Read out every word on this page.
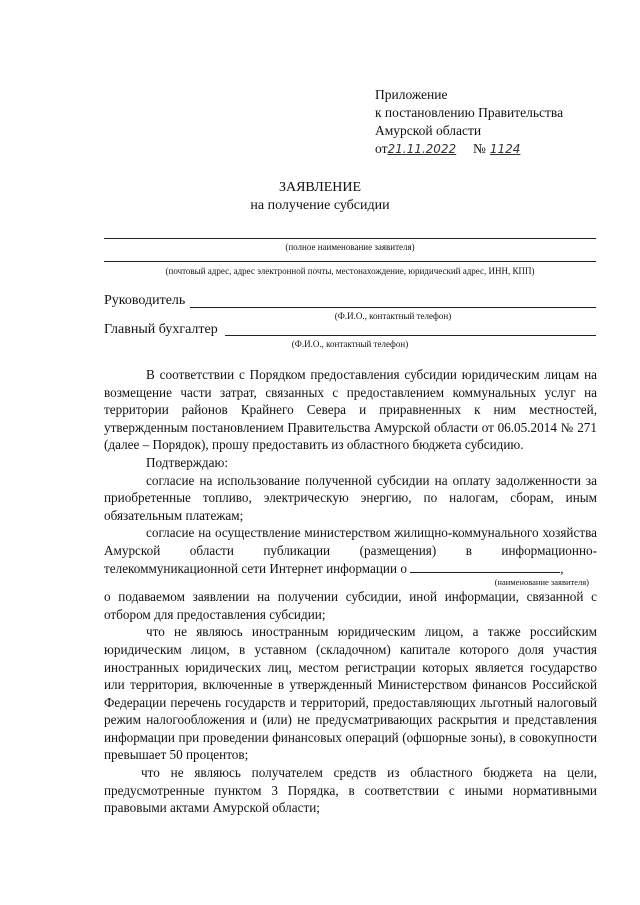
Приложение
к постановлению Правительства
Амурской области
от21.11.2022 № 1124
ЗАЯВЛЕНИЕ
на получение субсидии
(полное наименование заявителя)
(почтовый адрес, адрес электронной почты, местонахождение, юридический адрес, ИНН, КПП)
Руководитель
(Ф.И.О., контактный телефон)
Главный бухгалтер
(Ф.И.О., контактный телефон)

В соответствии с Порядком предоставления субсидии юридическим лицам на возмещение части затрат, связанных с предоставлением коммунальных услуг на территории районов Крайнего Севера и приравненных к ним местностей, утвержденным постановлением Правительства Амурской области от 06.05.2014 № 271 (далее – Порядок), прошу предоставить из областного бюджета субсидию.

Подтверждаю:

согласие на использование полученной субсидии на оплату задолженности за приобретенные топливо, электрическую энергию, по налогам, сборам, иным обязательным платежам;

согласие на осуществление министерством жилищно-коммунального хозяйства Амурской области публикации (размещения) в информационно-телекоммуникационной сети Интернет информации о	,

(наименование заявителя)

о подаваемом заявлении на получении субсидии, иной информации, связанной с отбором для предоставления субсидии;

что не являюсь иностранным юридическим лицом, а также российским юридическим лицом, в уставном (складочном) капитале которого доля участия иностранных юридических лиц, местом регистрации которых является государство или территория, включенные в утвержденный Министерством финансов Российской Федерации перечень государств и территорий, предоставляющих льготный налоговый режим налогообложения и (или) не предусматривающих раскрытия и представления информации при проведении финансовых операций (офшорные зоны), в совокупности превышает 50 процентов;

что не являюсь получателем средств из областного бюджета на цели, предусмотренные пунктом 3 Порядка, в соответствии с иными нормативными правовыми актами Амурской области;
